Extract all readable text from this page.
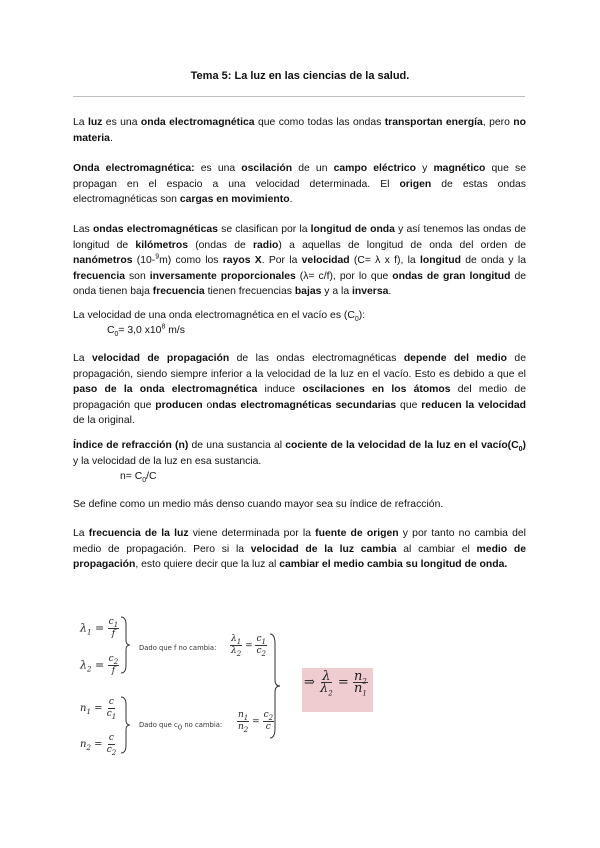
Tema 5: La luz en las ciencias de la salud.
La luz es una onda electromagnética que como todas las ondas transportan energía, pero no materia.
Onda electromagnética: es una oscilación de un campo eléctrico y magnético que se propagan en el espacio a una velocidad determinada. El origen de estas ondas electromagnéticas son cargas en movimiento.
Las ondas electromagnéticas se clasifican por la longitud de onda y así tenemos las ondas de longitud de kilómetros (ondas de radio) a aquellas de longitud de onda del orden de nanómetros (10-$^9$m) como los rayos X. Por la velocidad (C= λ x f), la longitud de onda y la frecuencia son inversamente proporcionales (λ= c/f), por lo que ondas de gran longitud de onda tienen baja frecuencia tienen frecuencias bajas y a la inversa.
La velocidad de una onda electromagnética en el vacío es $(C_0)$:
$C_0= 3,0$ $x10^8$ m/s
La velocidad de propagación de las ondas electromagnéticas depende del medio de propagación, siendo siempre inferior a la velocidad de la luz en el vacío. Esto es debido a que el paso de la onda electromagnética induce oscilaciones en los átomos del medio de propagación que producen ondas electromagnéticas secundarias que reducen la velocidad de la original.
Índice de refracción (n) de una sustancia al cociente de la velocidad de la luz en el $vacío(C_0)$ y la velocidad de la luz en esa sustancia.
$n= C_0/C$
Se define como un medio más denso cuando mayor sea su índice de refracción.
La frecuencia de la luz viene determinada por la fuente de origen y por tanto no cambia del medio de propagación. Pero si la velocidad de la luz cambia al cambiar el medio de propagación, esto quiere decir que la luz al cambiar el medio cambia su longitud de onda.
$\lambda_1 = \frac{c_1}{f}$
$\lambda_2 = \frac{c_2}{f}$
$n_1 = \frac{c}{c_1}$
$n_2 = \frac{c}{c_2}$
Dado que f no cambia: $\frac{\lambda_1}{\lambda_2} = \frac{c_1}{c_2}$
Dado que $c_0$ no cambia: $\frac{n_1}{n_2} = \frac{c_2}{c}$
⇒ $\frac{\lambda}{\lambda_2} = \frac{n_2}{n_1}$
